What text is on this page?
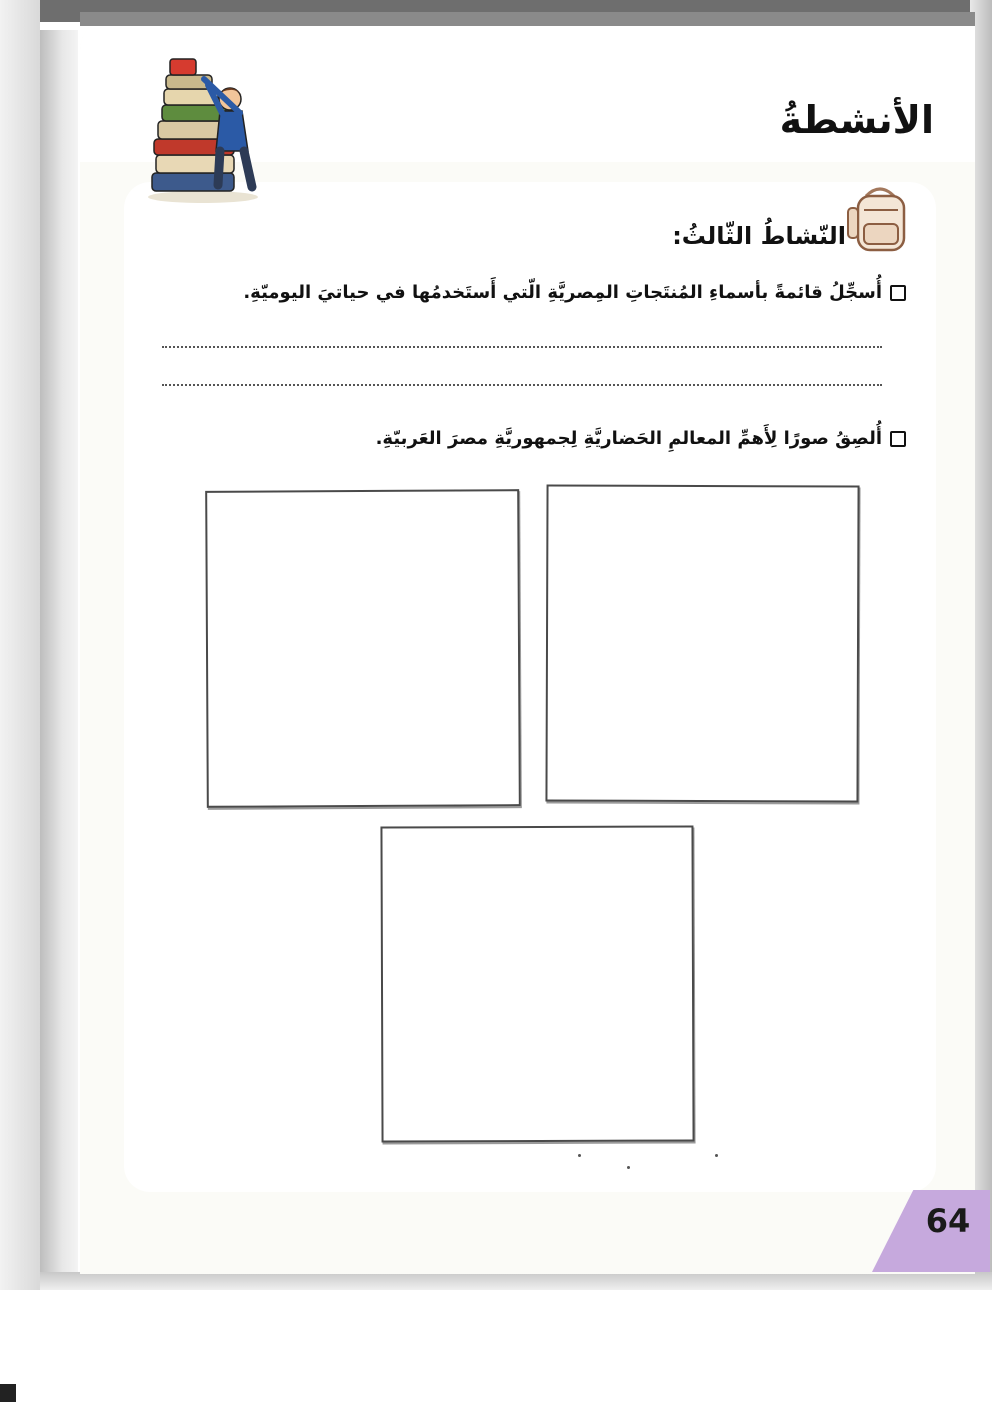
الأنشطةُ
النّشاطُ الثّالثُ:
أُسجِّلُ قائمةً بأسماءِ المُنتَجاتِ المِصريَّةِ الّتي أَستَخدمُها في حياتيَ اليوميّةِ.
أُلصِقُ صورًا لِأَهمِّ المعالمِ الحَضاريَّةِ لِجمهوريَّةِ مصرَ العَربيّةِ.

64
